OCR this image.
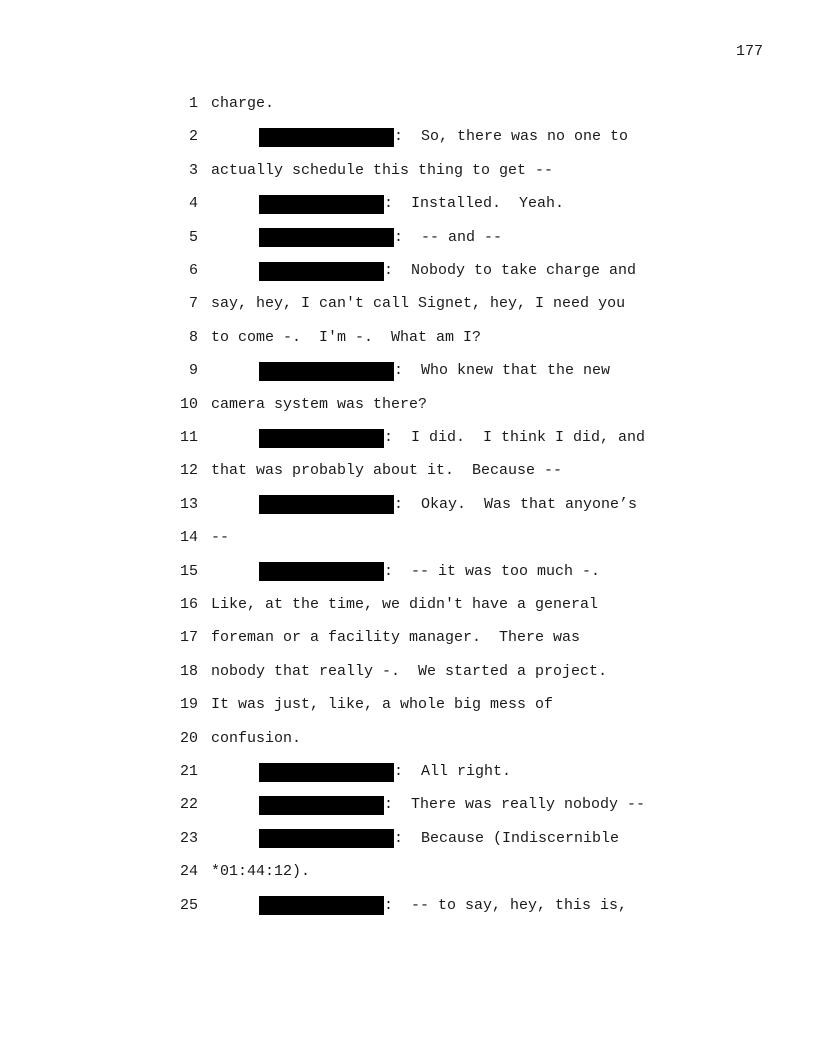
177
1 charge.
2	:  So, there was no one to
3 actually schedule this thing to get --
4	:  Installed.  Yeah.
5	:  -- and --
6	:  Nobody to take charge and
7 say, hey, I can't call Signet, hey, I need you
8 to come -.  I'm -.  What am I?
9	:  Who knew that the new
10 camera system was there?
11	:  I did.  I think I did, and
12 that was probably about it.  Because --
13	:  Okay.  Was that anyone’s
14 --
15	:  -- it was too much -.
16 Like, at the time, we didn't have a general
17 foreman or a facility manager.  There was
18 nobody that really -.  We started a project.
19 It was just, like, a whole big mess of
20 confusion.
21	:  All right.
22	:  There was really nobody --
23	:  Because (Indiscernible
24 *01:44:12).
25	:  -- to say, hey, this is,
